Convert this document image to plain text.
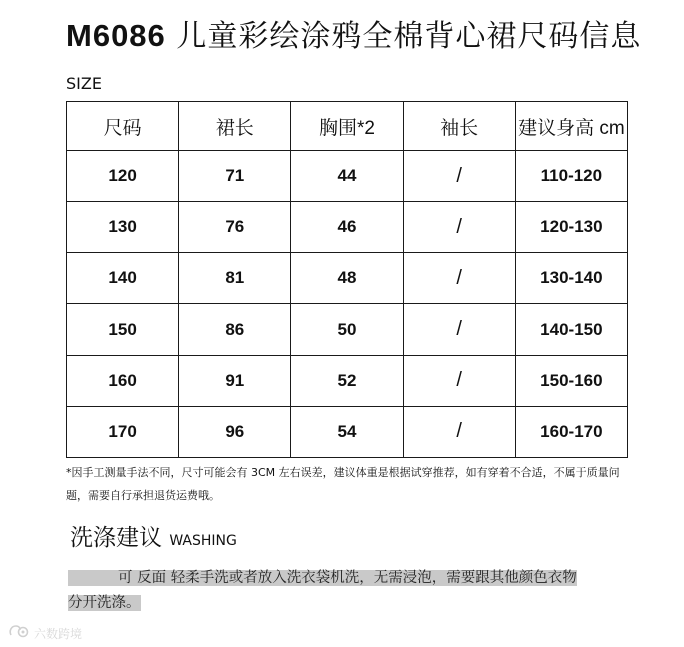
M6086 儿童彩绘涂鸦全棉背心裙尺码信息 SIZE
尺码	裙长	胸围*2	袖长	建议身高 cm
120	71	44	/	110-120
130	76	46	/	120-130
140	81	48	/	130-140
150	86	50	/	140-150
160	91	52	/	150-160
170	96	54	/	160-170
*因手工测量手法不同，尺寸可能会有 3CM 左右误差，建议体重是根据试穿推荐，如有穿着不合适，不属于质量问题，需要自行承担退货运费哦。
洗涤建议 WASHING
可 反面 轻柔手洗或者放入洗衣袋机洗，无需浸泡，需要跟其他颜色衣物
分开洗涤。
六数跨境
